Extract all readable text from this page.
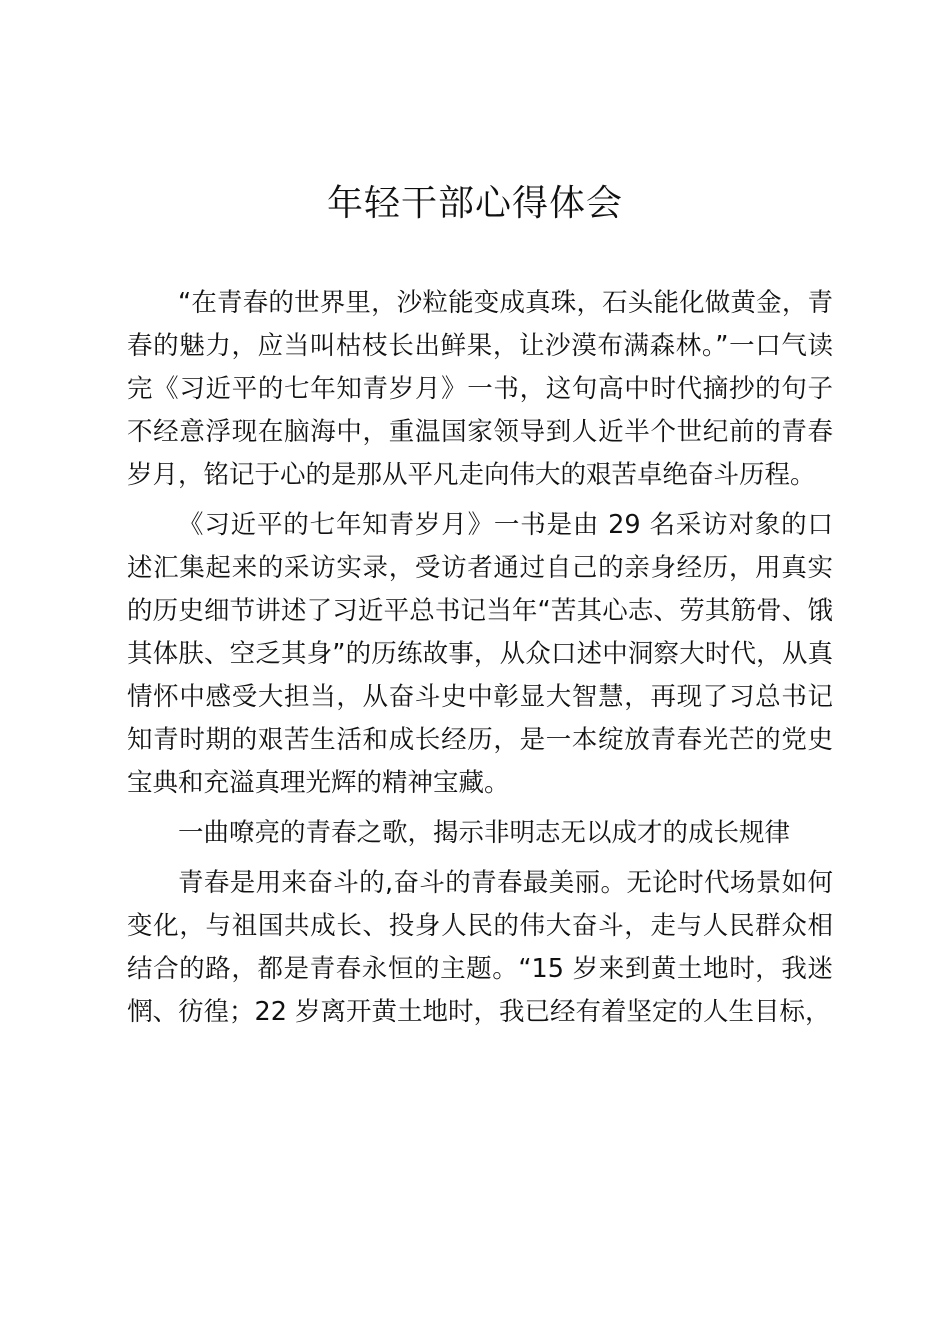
年轻干部心得体会

“在青春的世界里，沙粒能变成真珠，石头能化做黄金，青春的魅力，应当叫枯枝长出鲜果，让沙漠布满森林。”一口气读完《习近平的七年知青岁月》一书，这句高中时代摘抄的句子不经意浮现在脑海中，重温国家领导到人近半个世纪前的青春岁月，铭记于心的是那从平凡走向伟大的艰苦卓绝奋斗历程。

《习近平的七年知青岁月》一书是由 29 名采访对象的口述汇集起来的采访实录，受访者通过自己的亲身经历，用真实的历史细节讲述了习近平总书记当年“苦其心志、劳其筋骨、饿其体肤、空乏其身”的历练故事，从众口述中洞察大时代，从真情怀中感受大担当，从奋斗史中彰显大智慧，再现了习总书记知青时期的艰苦生活和成长经历，是一本绽放青春光芒的党史宝典和充溢真理光辉的精神宝藏。

一曲嘹亮的青春之歌，揭示非明志无以成才的成长规律

青春是用来奋斗的,奋斗的青春最美丽。无论时代场景如何变化，与祖国共成长、投身人民的伟大奋斗，走与人民群众相结合的路，都是青春永恒的主题。“15 岁来到黄土地时，我迷惘、彷徨；22 岁离开黄土地时，我已经有着坚定的人生目标，
